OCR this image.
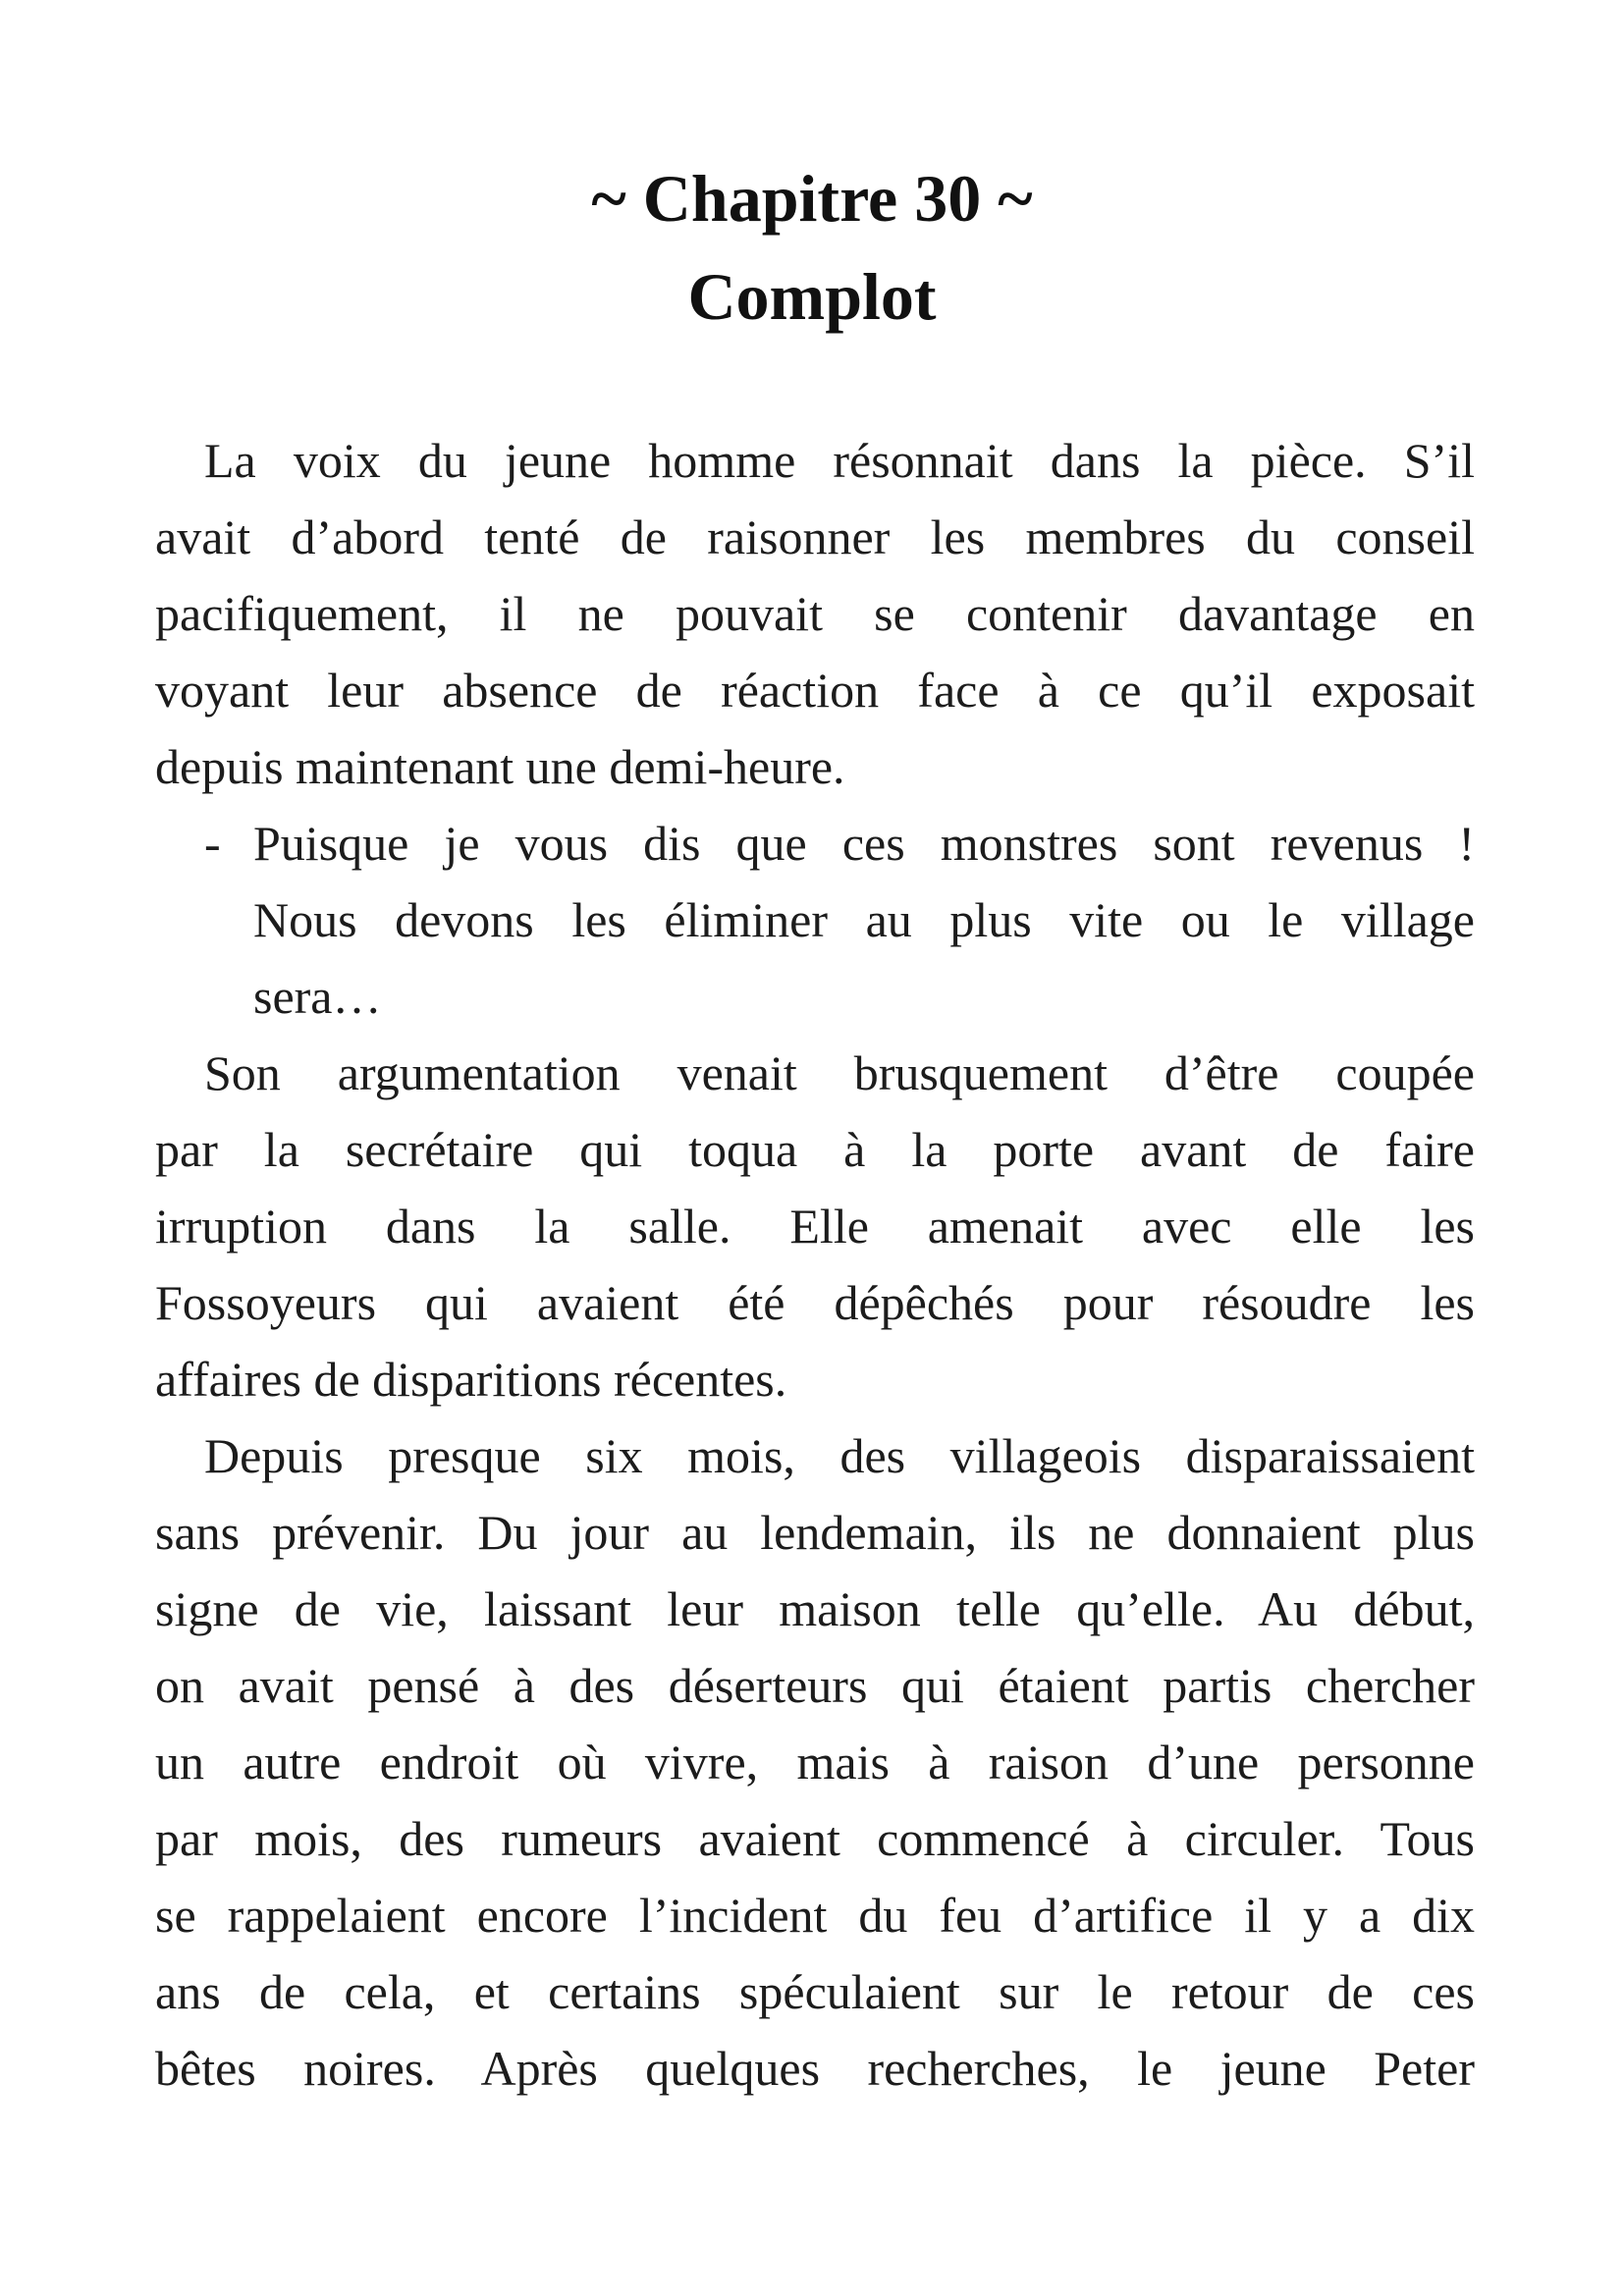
~ Chapitre 30 ~
Complot
La voix du jeune homme résonnait dans la pièce. S’il
avait d’abord tenté de raisonner les membres du conseil
pacifiquement, il ne pouvait se contenir davantage en
voyant leur absence de réaction face à ce qu’il exposait
depuis maintenant une demi-heure.
- Puisque je vous dis que ces monstres sont revenus !
Nous devons les éliminer au plus vite ou le village
sera…
Son argumentation venait brusquement d’être coupée
par la secrétaire qui toqua à la porte avant de faire
irruption dans la salle. Elle amenait avec elle les
Fossoyeurs qui avaient été dépêchés pour résoudre les
affaires de disparitions récentes.
Depuis presque six mois, des villageois disparaissaient
sans prévenir. Du jour au lendemain, ils ne donnaient plus
signe de vie, laissant leur maison telle qu’elle. Au début,
on avait pensé à des déserteurs qui étaient partis chercher
un autre endroit où vivre, mais à raison d’une personne
par mois, des rumeurs avaient commencé à circuler. Tous
se rappelaient encore l’incident du feu d’artifice il y a dix
ans de cela, et certains spéculaient sur le retour de ces
bêtes noires. Après quelques recherches, le jeune Peter
